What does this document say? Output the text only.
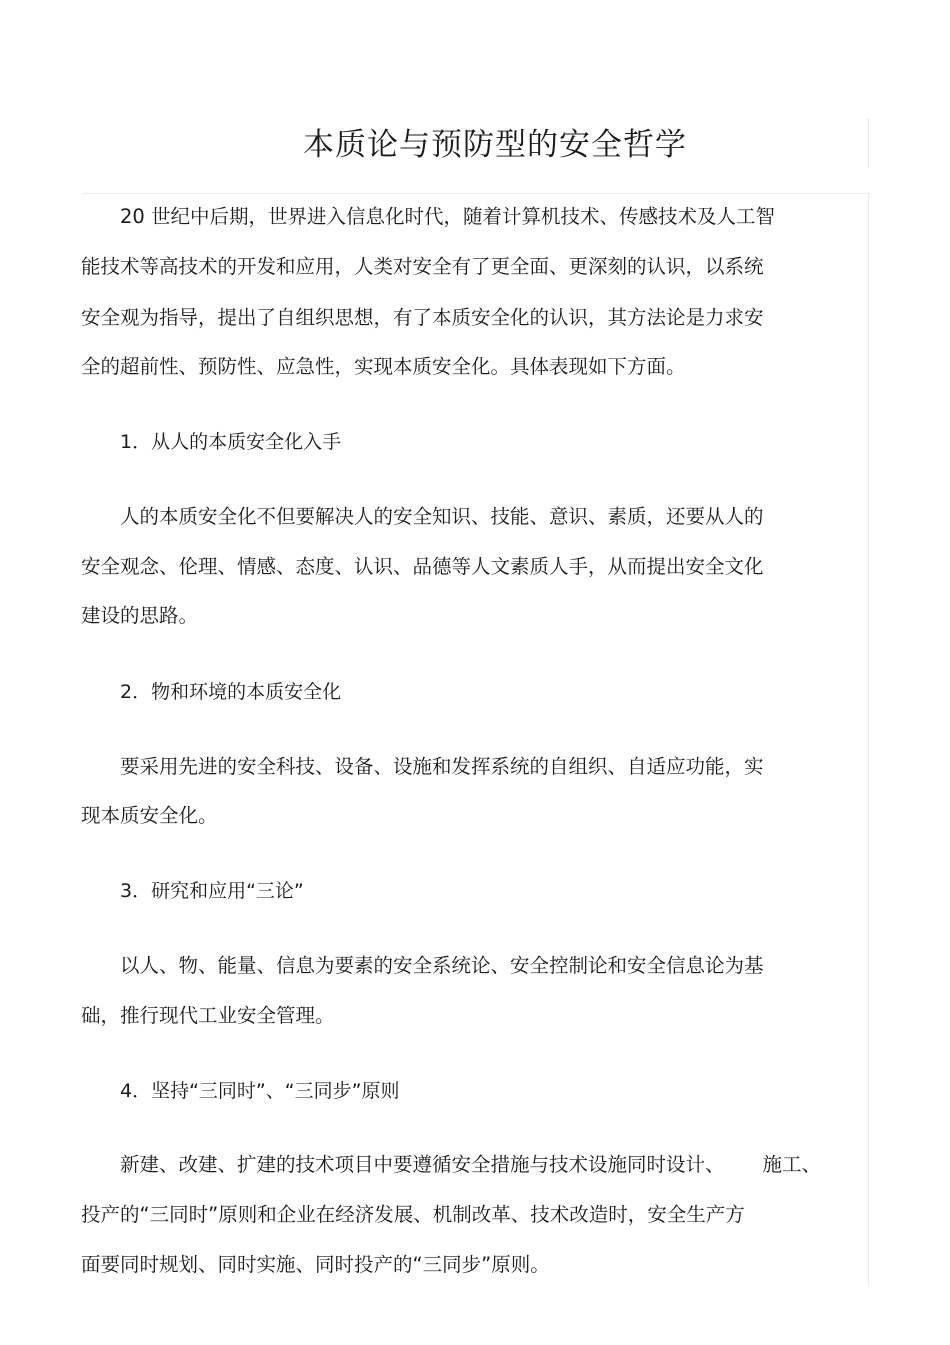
本质论与预防型的安全哲学
20 世纪中后期，世界进入信息化时代，随着计算机技术、传感技术及人工智
能技术等高技术的开发和应用，人类对安全有了更全面、更深刻的认识，以系统
安全观为指导，提出了自组织思想，有了本质安全化的认识，其方法论是力求安
全的超前性、预防性、应急性，实现本质安全化。具体表现如下方面。
1．从人的本质安全化入手
人的本质安全化不但要解决人的安全知识、技能、意识、素质，还要从人的
安全观念、伦理、情感、态度、认识、品德等人文素质人手，从而提出安全文化
建设的思路。
2．物和环境的本质安全化
要采用先进的安全科技、设备、设施和发挥系统的自组织、自适应功能，实
现本质安全化。
3．研究和应用“三论”
以人、物、能量、信息为要素的安全系统论、安全控制论和安全信息论为基
础，推行现代工业安全管理。
4．坚持“三同时”、“三同步”原则
新建、改建、扩建的技术项目中要遵循安全措施与技术设施同时设计、 施工、
投产的“三同时”原则和企业在经济发展、机制改革、技术改造时，安全生产方
面要同时规划、同时实施、同时投产的“三同步”原则。
